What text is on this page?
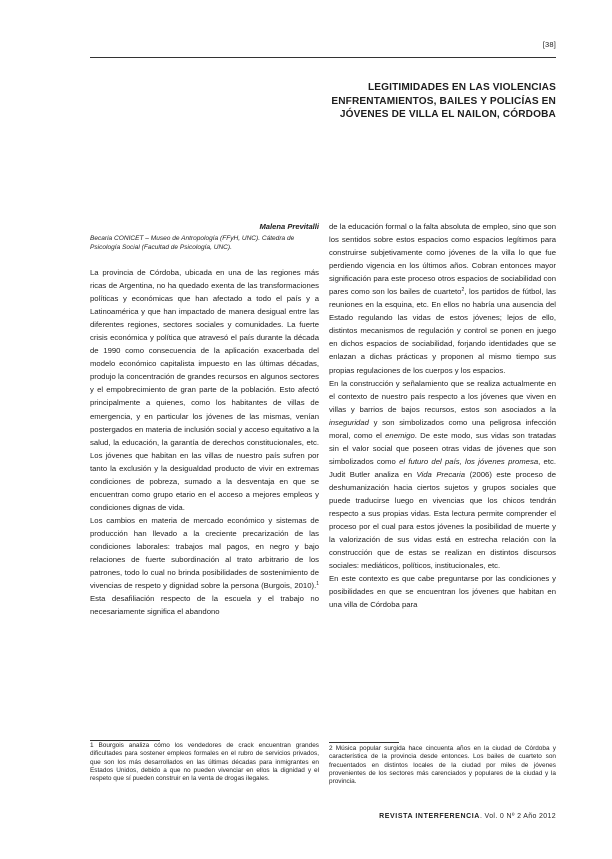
[38]
LEGITIMIDADES EN LAS VIOLENCIAS
ENFRENTAMIENTOS, BAILES Y POLICÍAS EN
JÓVENES DE VILLA EL NAILON, CÓRDOBA
Malena Previtalli
Becaria CONICET – Museo de Antropología (FFyH, UNC). Cátedra de Psicología Social (Facultad de Psicología, UNC).

La provincia de Córdoba, ubicada en una de las regiones más ricas de Argentina, no ha quedado exenta de las transformaciones políticas y económicas que han afectado a todo el país y a Latinoamérica y que han impactado de manera desigual entre las diferentes regiones, sectores sociales y comunidades. La fuerte crisis económica y política que atravesó el país durante la década de 1990 como consecuencia de la aplicación exacerbada del modelo económico capitalista impuesto en las últimas décadas, produjo la concentración de grandes recursos en algunos sectores y el empobrecimiento de gran parte de la población. Esto afectó principalmente a quienes, como los habitantes de villas de emergencia, y en particular los jóvenes de las mismas, venían postergados en materia de inclusión social y acceso equitativo a la salud, la educación, la garantía de derechos constitucionales, etc. Los jóvenes que habitan en las villas de nuestro país sufren por tanto la exclusión y la desigualdad producto de vivir en extremas condiciones de pobreza, sumado a la desventaja en que se encuentran como grupo etario en el acceso a mejores empleos y condiciones dignas de vida.

Los cambios en materia de mercado económico y sistemas de producción han llevado a la creciente precarización de las condiciones laborales: trabajos mal pagos, en negro y bajo relaciones de fuerte subordinación al trato arbitrario de los patrones, todo lo cual no brinda posibilidades de sostenimiento de vivencias de respeto y dignidad sobre la persona (Burgois, 2010).$^1$ Esta desafiliación respecto de la escuela y el trabajo no necesariamente significa el abandono

de la educación formal o la falta absoluta de empleo, sino que son los sentidos sobre estos espacios como espacios legítimos para construirse subjetivamente como jóvenes de la villa lo que fue perdiendo vigencia en los últimos años. Cobran entonces mayor significación para este proceso otros espacios de sociabilidad con pares como son los bailes de cuarteto$^2$, los partidos de fútbol, las reuniones en la esquina, etc. En ellos no habría una ausencia del Estado regulando las vidas de estos jóvenes; lejos de ello, distintos mecanismos de regulación y control se ponen en juego en dichos espacios de sociabilidad, forjando identidades que se enlazan a dichas prácticas y proponen al mismo tiempo sus propias regulaciones de los cuerpos y los espacios.

En la construcción y señalamiento que se realiza actualmente en el contexto de nuestro país respecto a los jóvenes que viven en villas y barrios de bajos recursos, estos son asociados a la inseguridad y son simbolizados como una peligrosa infección moral, como el enemigo. De este modo, sus vidas son tratadas sin el valor social que poseen otras vidas de jóvenes que son simbolizados como el futuro del país, los jóvenes promesa, etc. Judit Butler analiza en Vida Precaria (2006) este proceso de deshumanización hacia ciertos sujetos y grupos sociales que puede traducirse luego en vivencias que los chicos tendrán respecto a sus propias vidas. Esta lectura permite comprender el proceso por el cual para estos jóvenes la posibilidad de muerte y la valorización de sus vidas está en estrecha relación con la construcción que de estas se realizan en distintos discursos sociales: mediáticos, políticos, institucionales, etc.

En este contexto es que cabe preguntarse por las condiciones y posibilidades en que se encuentran los jóvenes que habitan en una villa de Córdoba para

1 Bourgois analiza cómo los vendedores de crack encuentran grandes dificultades para sostener empleos formales en el rubro de servicios privados, que son los más desarrollados en las últimas décadas para inmigrantes en Estados Unidos, debido a que no pueden vivenciar en ellos la dignidad y el respeto que sí pueden construir en la venta de drogas ilegales.
2 Música popular surgida hace cincuenta años en la ciudad de Córdoba y característica de la provincia desde entonces. Los bailes de cuarteto son frecuentados en distintos locales de la ciudad por miles de jóvenes provenientes de los sectores más carenciados y populares de la ciudad y la provincia.
REVISTA INTERFERENCIA. Vol. 0 Nº 2 Año 2012
